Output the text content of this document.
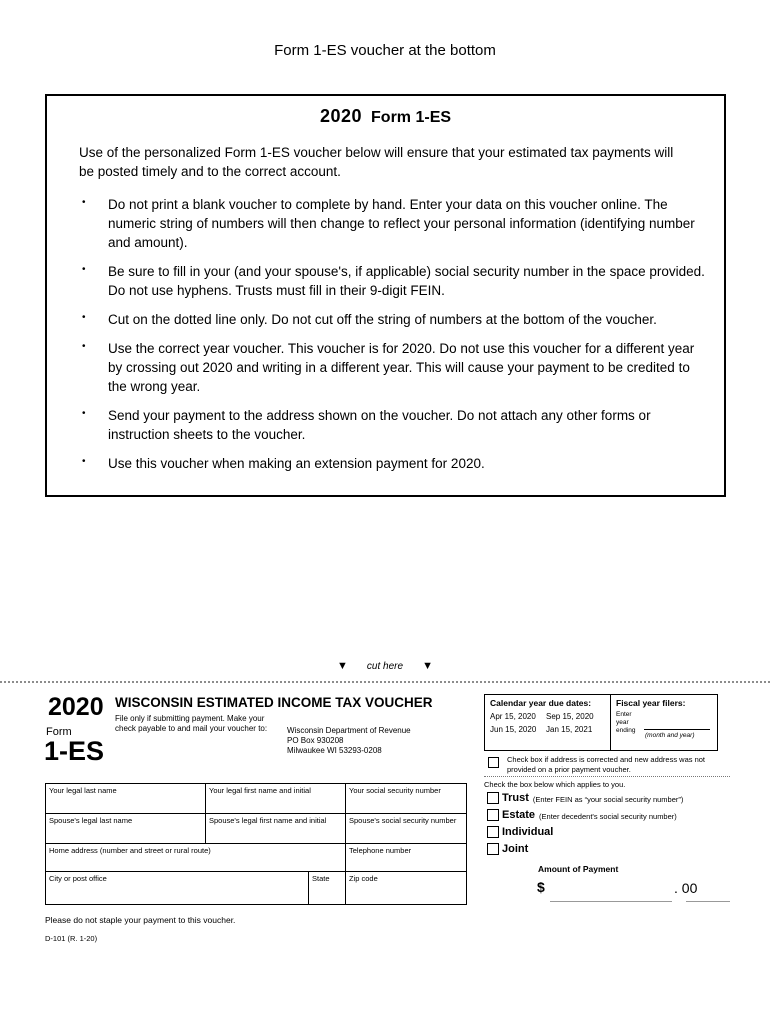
Form 1-ES voucher at the bottom
2020 Form 1-ES
Use of the personalized Form 1-ES voucher below will ensure that your estimated tax payments will be posted timely and to the correct account.
•	Do not print a blank voucher to complete by hand. Enter your data on this voucher online. The numeric string of numbers will then change to reflect your personal information (identifying number and amount).
•	Be sure to fill in your (and your spouse's, if applicable) social security number in the space provided. Do not use hyphens. Trusts must fill in their 9-digit FEIN.
•	Cut on the dotted line only. Do not cut off the string of numbers at the bottom of the voucher.
•	Use the correct year voucher. This voucher is for 2020. Do not use this voucher for a different year by crossing out 2020 and writing in a different year. This will cause your payment to be credited to the wrong year.
•	Send your payment to the address shown on the voucher. Do not attach any other forms or instruction sheets to the voucher.
•	Use this voucher when making an extension payment for 2020.
▼ cut here ▼
2020
Form
1-ES
WISCONSIN ESTIMATED INCOME TAX VOUCHER
File only if submitting payment. Make your check payable to and mail your voucher to:	Wisconsin Department of Revenue
PO Box 930208
Milwaukee WI 53293-0208
Calendar year due dates:
Apr 15, 2020	Sep 15, 2020
Jun 15, 2020	Jan 15, 2021
Fiscal year filers:
Enter
year
ending
(month and year)
Check box if address is corrected and new address was not provided on a prior payment voucher.
Check the box below which applies to you.
Trust (Enter FEIN as “your social security number”)
Estate (Enter decedent's social security number)
Individual
Joint
Amount of Payment
$	. 00
Your legal last name	Your legal first name and initial	Your social security number
Spouse's legal last name	Spouse's legal first name and initial	Spouse's social security number
Home address (number and street or rural route)	Telephone number
City or post office	State	Zip code
Please do not staple your payment to this voucher.
D-101 (R. 1-20)
